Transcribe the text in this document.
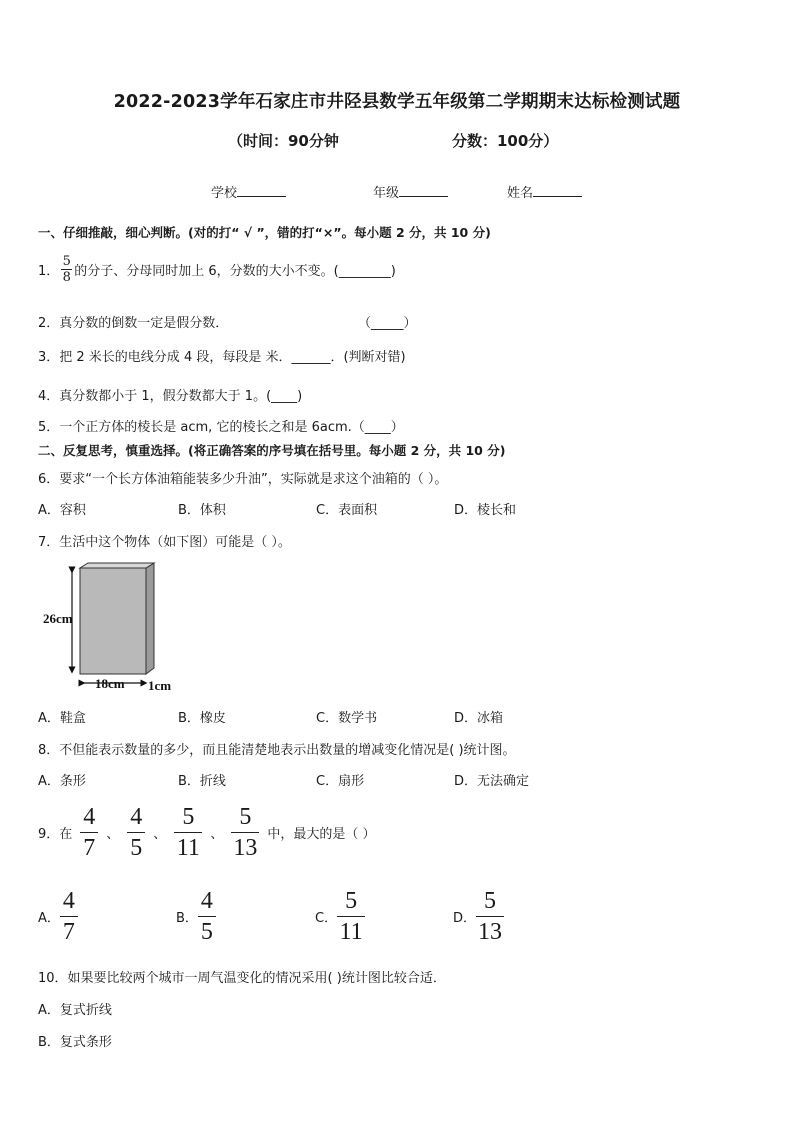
2022-2023学年石家庄市井陉县数学五年级第二学期期末达标检测试题
（时间：90分钟	分数：100分）
学校	年级	姓名
一、仔细推敲，细心判断。(对的打“ √ ”，错的打“×”。每小题 2 分，共 10 分)
1．
5
8 的分子、分母同时加上 6，分数的大小不变。(________)
2．真分数的倒数一定是假分数．	（_____）
3．把 2 米长的电线分成 4 段，每段是 米．______．(判断对错)
4．真分数都小于 1，假分数都大于 1。(____)
5．一个正方体的棱长是 acm, 它的棱长之和是 6acm.（____）
二、反复思考，慎重选择。(将正确答案的序号填在括号里。每小题 2 分，共 10 分)
6．要求“一个长方体油箱能装多少升油”，实际就是求这个油箱的（ ）。
A．容积	B．体积	C．表面积	D．棱长和
7．生活中这个物体（如下图）可能是（ ）。
26cm
18cm 1cm
A．鞋盒	B．橡皮	C．数学书	D．冰箱
8．不但能表示数量的多少，而且能清楚地表示出数量的增减变化情况是( )统计图。
A．条形	B．折线	C．扇形	D．无法确定
9．在
4
7
、
4
5
、
5
11
、
5
13
中，最大的是（ ）
A．
4
7
B．
4
5
C．
5
11
D．
5
13
10．如果要比较两个城市一周气温变化的情况采用( )统计图比较合适．
A．复式折线
B．复式条形
